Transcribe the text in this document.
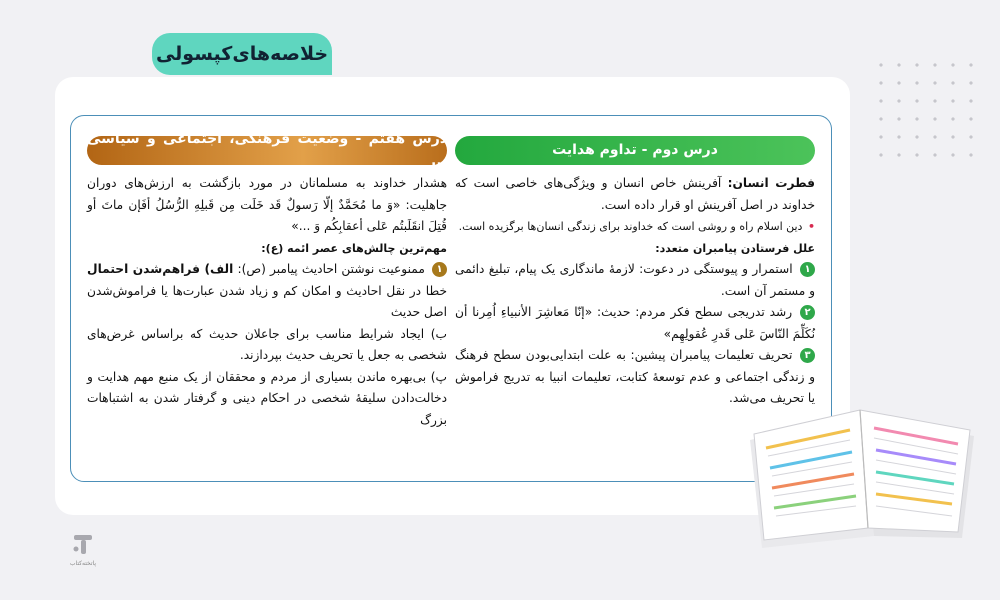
خلاصه‌های‌کپسولی
درس دوم - تداوم هدایت

فطرت انسان: آفرینش خاص انسان و ویژگی‌های خاصی است که خداوند در اصل آفرینش او قرار داده است.

• دین اسلام راه و روشی است که خداوند برای زندگی انسان‌ها برگزیده است.

علل فرستادن پیامبران متعدد:

۱ استمرار و پیوستگی در دعوت: لازمهٔ ماندگاری یک پیام، تبلیغ دائمی و مستمر آن است.

۲ رشد تدریجی سطح فکر مردم: حدیث: «إنّا مَعاشِرَ الأنبیاءِ اُمِرنا أن نُکَلِّمَ النّاسَ عَلی قَدرِ عُقولِهِم»

۳ تحریف تعلیمات پیامبران پیشین: به علت ابتدایی‌بودن سطح فرهنگ و زندگی اجتماعی و عدم توسعهٔ کتابت، تعلیمات انبیا به تدریج فراموش یا تحریف می‌شد.

درس هفتم - وضعیت فرهنگی، اجتماعی و سیاسی ...

هشدار خداوند به مسلمانان در مورد بازگشت به ارزش‌های دوران جاهلیت: «وَ ما مُحَمَّدٌ إلّا رَسولٌ قَد خَلَت مِن قَبلِهِ الرُّسُلُ أفَإن ماتَ أو قُتِلَ انقَلَبتُم عَلی أعقابِکُم وَ ...»

مهم‌ترین چالش‌های عصر ائمه (ع):

۱ ممنوعیت نوشتن احادیث پیامبر (ص): الف) فراهم‌شدن احتمال خطا در نقل احادیث و امکان کم و زیاد شدن عبارت‌ها یا فراموش‌شدن اصل حدیث

ب) ایجاد شرایط مناسب برای جاعلان حدیث که براساس غرض‌های شخصی به جعل یا تحریف حدیث بپردازند.

پ) بی‌بهره ماندن بسیاری از مردم و محققان از یک منبع مهم هدایت و دخالت‌دادن سلیقهٔ شخصی در احکام دینی و گرفتار شدن به اشتباهات بزرگ

پاتخته‌کتاب
